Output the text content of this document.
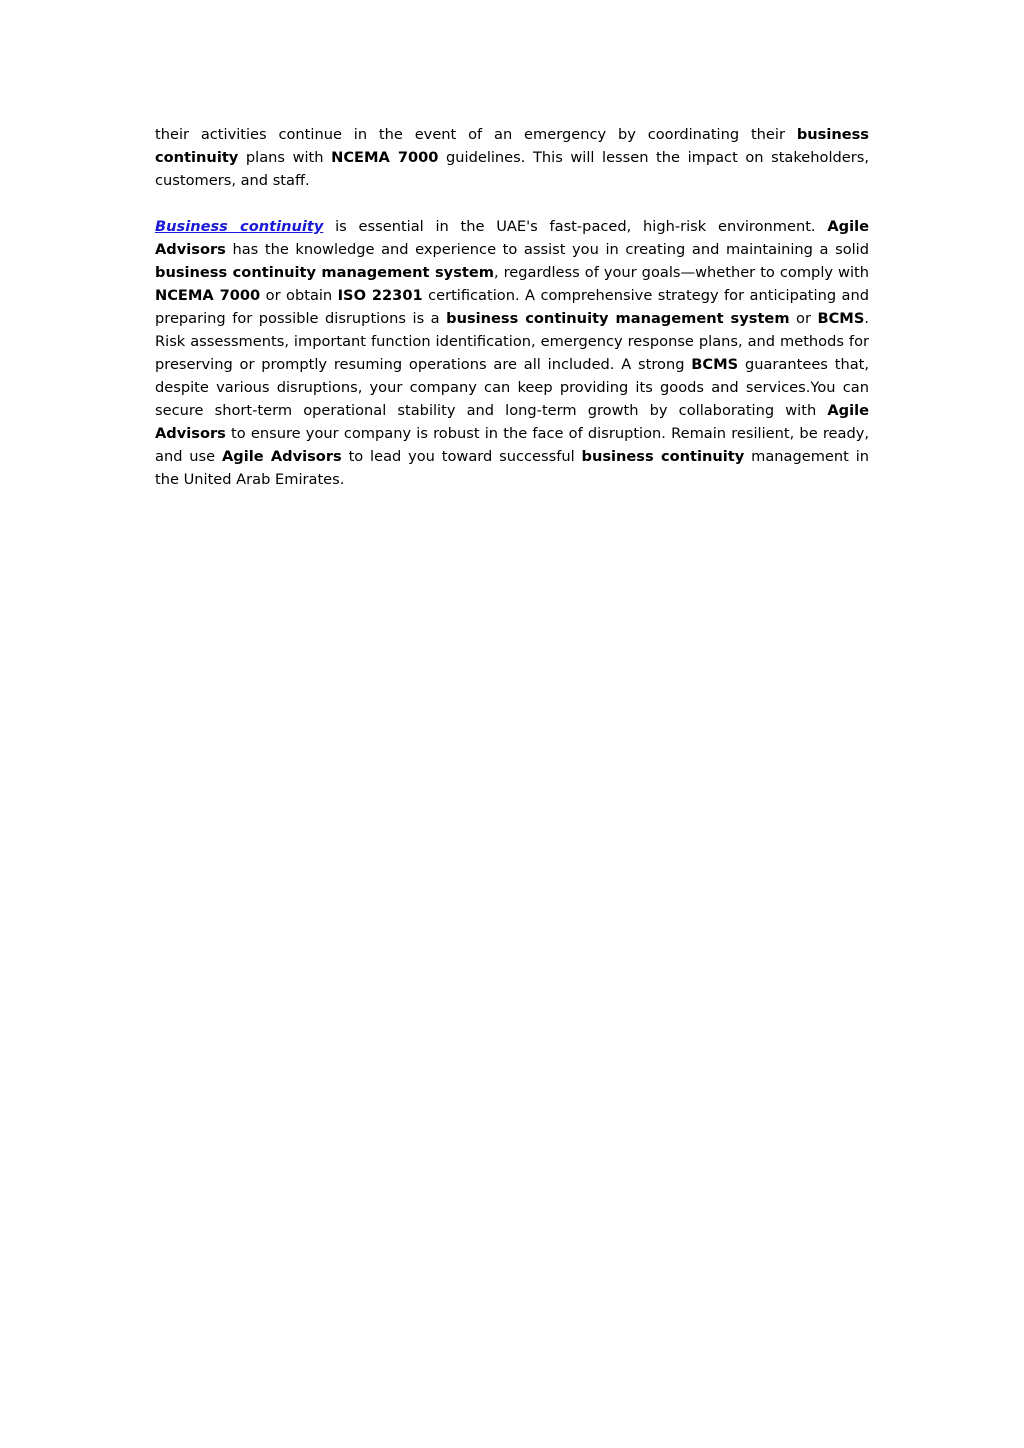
their activities continue in the event of an emergency by coordinating their business continuity plans with NCEMA 7000 guidelines. This will lessen the impact on stakeholders, customers, and staff.

Business continuity is essential in the UAE's fast-paced, high-risk environment. Agile Advisors has the knowledge and experience to assist you in creating and maintaining a solid business continuity management system, regardless of your goals—whether to comply with NCEMA 7000 or obtain ISO 22301 certification. A comprehensive strategy for anticipating and preparing for possible disruptions is a business continuity management system or BCMS. Risk assessments, important function identification, emergency response plans, and methods for preserving or promptly resuming operations are all included. A strong BCMS guarantees that, despite various disruptions, your company can keep providing its goods and services.You can secure short-term operational stability and long-term growth by collaborating with Agile Advisors to ensure your company is robust in the face of disruption. Remain resilient, be ready, and use Agile Advisors to lead you toward successful business continuity management in the United Arab Emirates.
